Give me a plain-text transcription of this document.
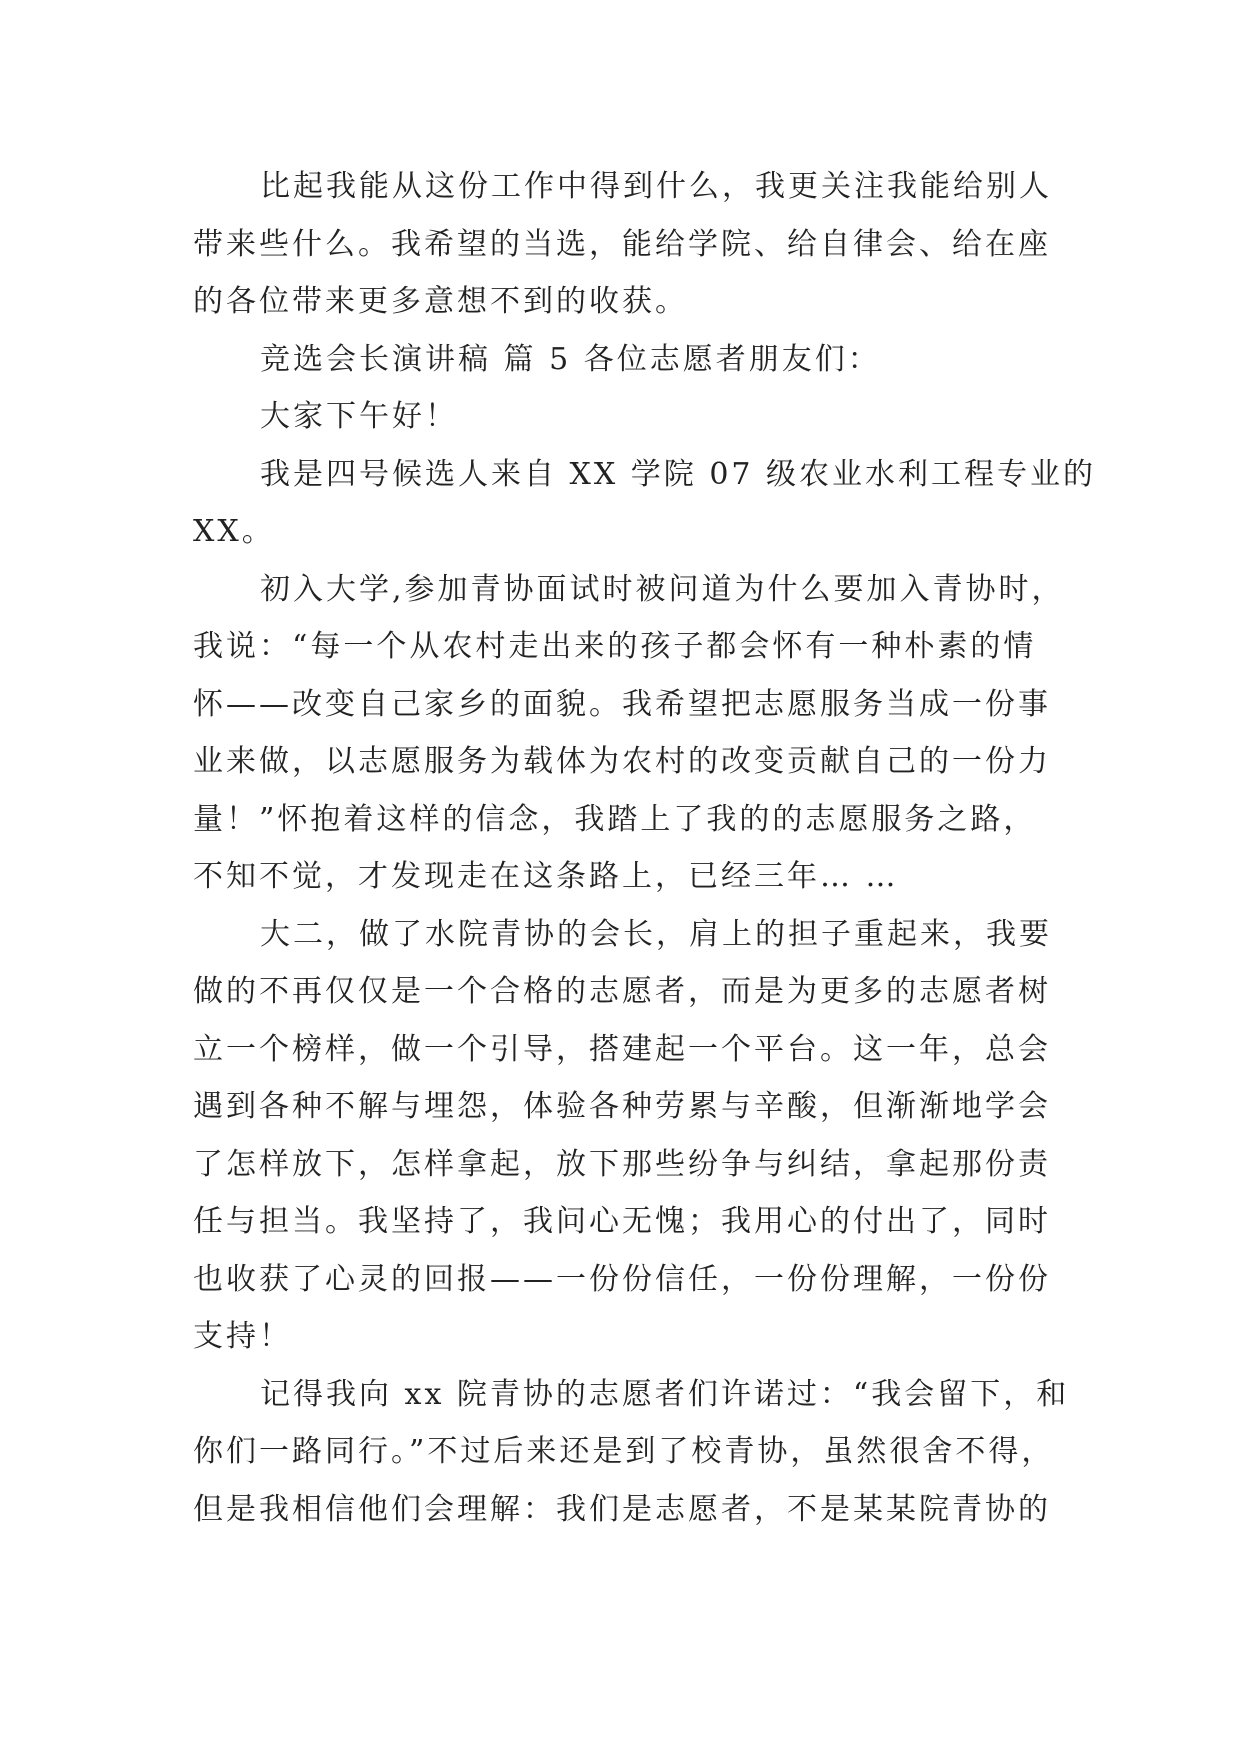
比起我能从这份工作中得到什么，我更关注我能给别人
带来些什么。我希望的当选，能给学院、给自律会、给在座
的各位带来更多意想不到的收获。
竞选会长演讲稿 篇 5 各位志愿者朋友们：
大家下午好！
我是四号候选人来自 XX 学院 07 级农业水利工程专业的
XX。
初入大学,参加青协面试时被问道为什么要加入青协时，
我说：“每一个从农村走出来的孩子都会怀有一种朴素的情
怀——改变自己家乡的面貌。我希望把志愿服务当成一份事
业来做，以志愿服务为载体为农村的改变贡献自己的一份力
量！”怀抱着这样的信念，我踏上了我的的志愿服务之路，
不知不觉，才发现走在这条路上，已经三年… …
大二，做了水院青协的会长，肩上的担子重起来，我要
做的不再仅仅是一个合格的志愿者，而是为更多的志愿者树
立一个榜样，做一个引导，搭建起一个平台。这一年，总会
遇到各种不解与埋怨，体验各种劳累与辛酸，但渐渐地学会
了怎样放下，怎样拿起，放下那些纷争与纠结，拿起那份责
任与担当。我坚持了，我问心无愧；我用心的付出了，同时
也收获了心灵的回报——一份份信任，一份份理解，一份份
支持！
记得我向 xx 院青协的志愿者们许诺过：“我会留下，和
你们一路同行。”不过后来还是到了校青协，虽然很舍不得，
但是我相信他们会理解：我们是志愿者，不是某某院青协的
